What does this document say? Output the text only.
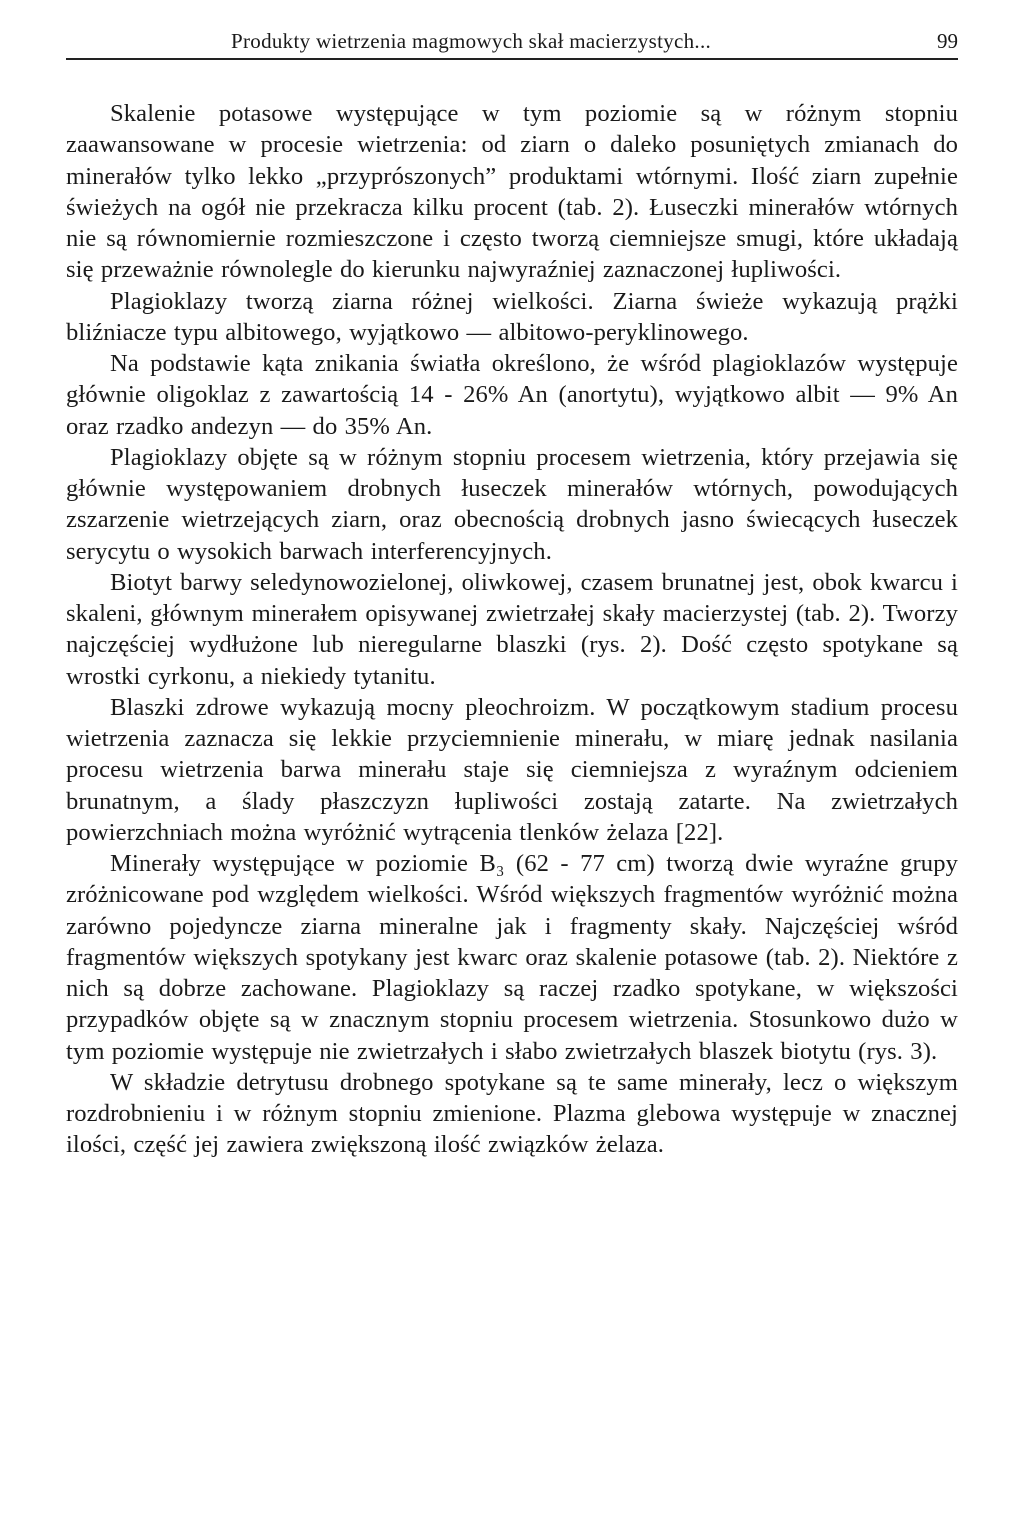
Produkty wietrzenia magmowych skał macierzystych...	99

Skalenie potasowe występujące w tym poziomie są w różnym stopniu zaawansowane w procesie wietrzenia: od ziarn o daleko posuniętych zmianach do minerałów tylko lekko „przyprószonych” produktami wtórnymi. Ilość ziarn zupełnie świeżych na ogół nie przekracza kilku procent (tab. 2). Łuseczki minerałów wtórnych nie są równomiernie rozmieszczone i często tworzą ciemniejsze smugi, które układają się przeważnie równolegle do kierunku najwyraźniej zaznaczonej łupliwości.

Plagioklazy tworzą ziarna różnej wielkości. Ziarna świeże wykazują prążki bliźniacze typu albitowego, wyjątkowo — albitowo-peryklinowego.

Na podstawie kąta znikania światła określono, że wśród plagioklazów występuje głównie oligoklaz z zawartością 14 - 26% An (anortytu), wyjątkowo albit — 9% An oraz rzadko andezyn — do 35% An.

Plagioklazy objęte są w różnym stopniu procesem wietrzenia, który przejawia się głównie występowaniem drobnych łuseczek minerałów wtórnych, powodujących zszarzenie wietrzejących ziarn, oraz obecnością drobnych jasno świecących łuseczek serycytu o wysokich barwach interferencyjnych.

Biotyt barwy seledynowozielonej, oliwkowej, czasem brunatnej jest, obok kwarcu i skaleni, głównym minerałem opisywanej zwietrzałej skały macierzystej (tab. 2). Tworzy najczęściej wydłużone lub nieregularne blaszki (rys. 2). Dość często spotykane są wrostki cyrkonu, a niekiedy tytanitu.

Blaszki zdrowe wykazują mocny pleochroizm. W początkowym stadium procesu wietrzenia zaznacza się lekkie przyciemnienie minerału, w miarę jednak nasilania procesu wietrzenia barwa minerału staje się ciemniejsza z wyraźnym odcieniem brunatnym, a ślady płaszczyzn łupliwości zostają zatarte. Na zwietrzałych powierzchniach można wyróżnić wytrącenia tlenków żelaza [22].

Minerały występujące w poziomie B₃ (62 - 77 cm) tworzą dwie wyraźne grupy zróżnicowane pod względem wielkości. Wśród większych fragmentów wyróżnić można zarówno pojedyncze ziarna mineralne jak i fragmenty skały. Najczęściej wśród fragmentów większych spotykany jest kwarc oraz skalenie potasowe (tab. 2). Niektóre z nich są dobrze zachowane. Plagioklazy są raczej rzadko spotykane, w większości przypadków objęte są w znacznym stopniu procesem wietrzenia. Stosunkowo dużo w tym poziomie występuje nie zwietrzałych i słabo zwietrzałych blaszek biotytu (rys. 3).

W składzie detrytusu drobnego spotykane są te same minerały, lecz o większym rozdrobnieniu i w różnym stopniu zmienione. Plazma glebowa występuje w znacznej ilości, część jej zawiera zwiększoną ilość związków żelaza.
